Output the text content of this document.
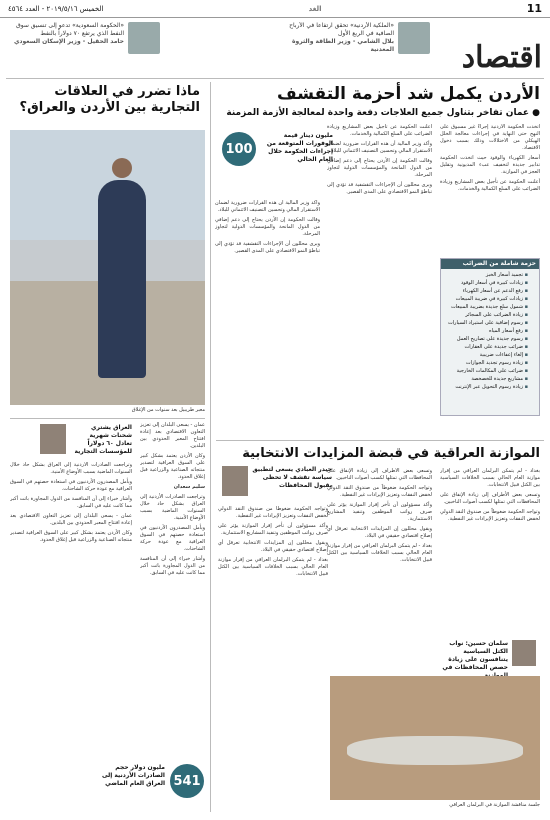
11
الغد
الخميس ٢٠١٩/٥/١٦ - العدد ٤٥٦٤
«الملكية الأردنية» تحقق ارتفاعاً في الأرباح الصافية في الربع الأول
بلال الشامي - وزير الطاقة والثروة المعدنية
«الحكومة السعودية» تدعو إلى تنسيق سوق النفط الذي يرتفع ٧٠ دولاراً بالنفط
حامد الحقيل - وزير الإسكان السعودي	اقتصاد
الأردن يكمل شد أحزمة التقشف
● عمان تفاخر بتناول جميع العلاجات دفعة واحدة لمعالجة الأزمة المزمنة

اتخذت الحكومة الأردنية إجراءً غير مسبوق على النهج حتى النهاية في إجراءات معالجة الخلل الهيكلي من الاختلالات وذلك بسبب دخول الاقتصاد.

أسعار الكهرباء والوقود حيث اتخذت الحكومة تدابير جديدة لتخفيف عبء المديونية وتقليل العجز في الموازنة.

أعلنت الحكومة عن تأجيل بعض المشاريع وزيادة الضرائب على السلع الكمالية والخدمات.

أعلنت الحكومة عن تأجيل بعض المشاريع وزيادة الضرائب على السلع الكمالية والخدمات.

وأكد وزير المالية أن هذه القرارات ضرورية لضمان الاستقرار المالي وتحسين التصنيف الائتماني للبلاد.

وقالت الحكومة إن الأردن يحتاج إلى دعم إضافي من الدول المانحة والمؤسسات الدولية لتجاوز المرحلة.

ويرى محللون أن الإجراءات التقشفية قد تؤدي إلى تباطؤ النمو الاقتصادي على المدى القصير.

وأكد وزير المالية أن هذه القرارات ضرورية لضمان الاستقرار المالي وتحسين التصنيف الائتماني للبلاد.

وقالت الحكومة إن الأردن يحتاج إلى دعم إضافي من الدول المانحة والمؤسسات الدولية لتجاوز المرحلة.

ويرى محللون أن الإجراءات التقشفية قد تؤدي إلى تباطؤ النمو الاقتصادي على المدى القصير.

100
مليون دينار قيمة الوفورات المتوقعة من إجراءات الحكومة خلال العام الحالي
حزمة شاملة من الضرائب
▪ تجميد أسعار الخبز
▪ زيادات كبيرة في أسعار الوقود
▪ رفع الدعم عن أسعار الكهرباء
▪ زيادات كبيرة في ضريبة المبيعات
▪ شمول سلع جديدة بضريبة المبيعات
▪ زيادة الضرائب على السجائر
▪ رسوم إضافية على استيراد السيارات
▪ رفع أسعار المياه
▪ رسوم جديدة على تصاريح العمل
▪ ضرائب جديدة على العقارات
▪ إلغاء إعفاءات ضريبية
▪ زيادة رسوم تجديد الجوازات
▪ ضرائب على المكالمات الخارجية
▪ مشاريع جديدة للخصخصة
▪ زيادة رسوم التحويل عبر الإنترنت
ماذا تضرر في العلاقات التجارية بين الأردن والعراق؟
معبر طريبيل بعد سنوات من الإغلاق
العراق يشتري شحنات شهرية تعادل ٦٠ دولاراً للمؤسسات التجارية

عمان - يسعى البلدان إلى تعزيز التعاون الاقتصادي بعد إعادة افتتاح المعبر الحدودي بين البلدين.

وكان الأردن يعتمد بشكل كبير على السوق العراقية لتصدير منتجاته الصناعية والزراعية قبل إغلاق الحدود.

سليم سعدان

وتراجعت الصادرات الأردنية إلى العراق بشكل حاد خلال السنوات الماضية بسبب الأوضاع الأمنية.

ويأمل المصدرون الأردنيون في استعادة حصتهم في السوق العراقية مع عودة حركة الشاحنات.

وأشار خبراء إلى أن المنافسة من الدول المجاورة باتت أكبر مما كانت عليه في السابق.

وتراجعت الصادرات الأردنية إلى العراق بشكل حاد خلال السنوات الماضية بسبب الأوضاع الأمنية.

ويأمل المصدرون الأردنيون في استعادة حصتهم في السوق العراقية مع عودة حركة الشاحنات.

وأشار خبراء إلى أن المنافسة من الدول المجاورة باتت أكبر مما كانت عليه في السابق.

عمان - يسعى البلدان إلى تعزيز التعاون الاقتصادي بعد إعادة افتتاح المعبر الحدودي بين البلدين.

وكان الأردن يعتمد بشكل كبير على السوق العراقية لتصدير منتجاته الصناعية والزراعية قبل إغلاق الحدود.

541
مليون دولار حجم الصادرات الأردنية إلى العراق العام الماضي
الموازنة العراقية في قبضة المزايدات الانتخابية

بغداد - لم يتمكن البرلمان العراقي من إقرار موازنة العام الحالي بسبب الخلافات السياسية بين الكتل قبيل الانتخابات.

وتسعى بعض الأطراف إلى زيادة الإنفاق على المحافظات التي تمثلها لكسب أصوات الناخبين.

وتواجه الحكومة ضغوطاً من صندوق النقد الدولي لخفض النفقات وتعزيز الإيرادات غير النفطية.

وتسعى بعض الأطراف إلى زيادة الإنفاق على المحافظات التي تمثلها لكسب أصوات الناخبين.

وتواجه الحكومة ضغوطاً من صندوق النقد الدولي لخفض النفقات وتعزيز الإيرادات غير النفطية.

وأكد مسؤولون أن تأخر إقرار الموازنة يؤثر على صرف رواتب الموظفين وتنفيذ المشاريع الاستثمارية.

ويقول محللون إن المزايدات الانتخابية تعرقل أي إصلاح اقتصادي حقيقي في البلاد.

بغداد - لم يتمكن البرلمان العراقي من إقرار موازنة العام الحالي بسبب الخلافات السياسية بين الكتل قبيل الانتخابات.

حيدر العبادي يسعى لتطبيق سياسة تقشف لا تحظى بقبول المحافظات

وتواجه الحكومة ضغوطاً من صندوق النقد الدولي لخفض النفقات وتعزيز الإيرادات غير النفطية.

وأكد مسؤولون أن تأخر إقرار الموازنة يؤثر على صرف رواتب الموظفين وتنفيذ المشاريع الاستثمارية.

ويقول محللون إن المزايدات الانتخابية تعرقل أي إصلاح اقتصادي حقيقي في البلاد.

بغداد - لم يتمكن البرلمان العراقي من إقرار موازنة العام الحالي بسبب الخلافات السياسية بين الكتل قبيل الانتخابات.

سلمان حسين: نواب الكتل السياسية يتنافسون على زيادة حصص المحافظات في
جلسة مناقشة الموازنة في البرلمان العراقي
